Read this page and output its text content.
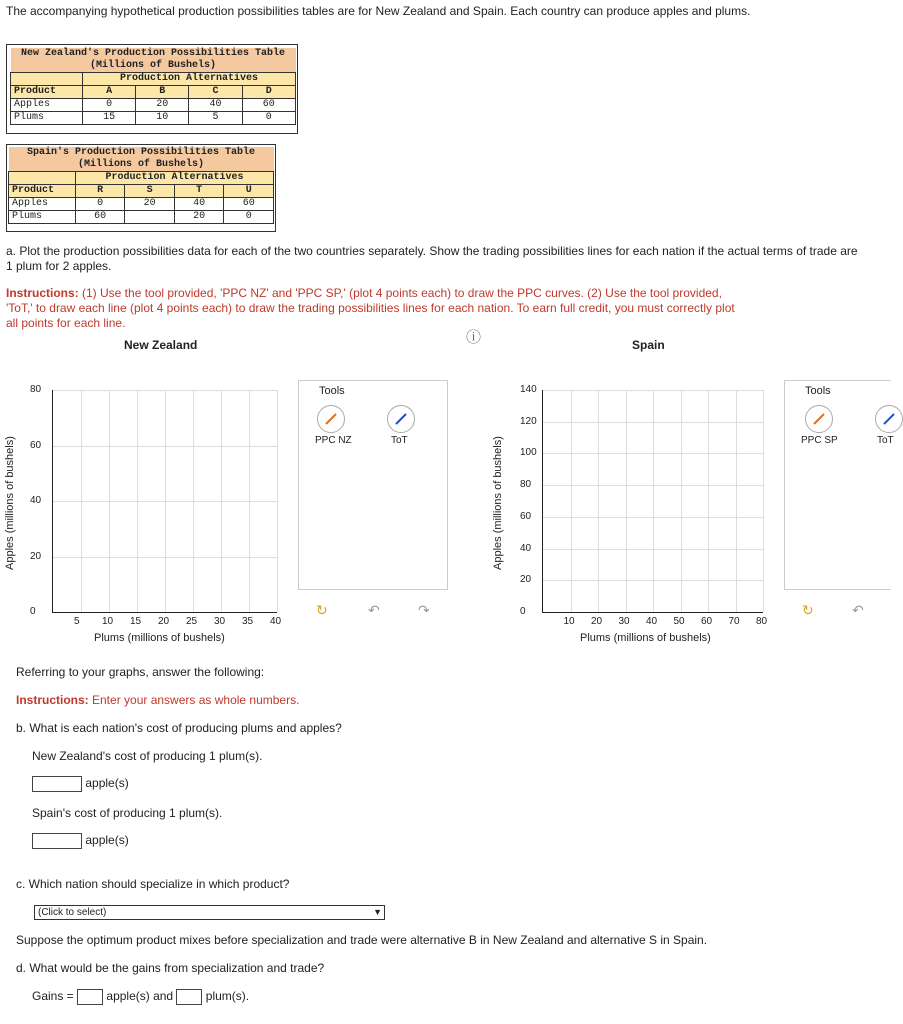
The accompanying hypothetical production possibilities tables are for New Zealand and Spain. Each country can produce apples and plums.
New Zealand's Production Possibilities Table
(Millions of Bushels)				

	Production Alternatives			
Product	A	B	C	D
Apples	0	20	40	60
Plums	15	10	5	0
Spain's Production Possibilities Table
(Millions of Bushels)				

	Production Alternatives			
Product	R	S	T	U
Apples	0	20	40	60
Plums	60		20	0
a. Plot the production possibilities data for each of the two countries separately. Show the trading possibilities lines for each nation if the actual terms of trade are 1 plum for 2 apples.
Instructions: (1) Use the tool provided, 'PPC NZ' and 'PPC SP,' (plot 4 points each) to draw the PPC curves. (2) Use the tool provided, 'ToT,' to draw each line (plot 4 points each) to draw the trading possibilities lines for each nation. To earn full credit, you must correctly plot all points for each line.
ⓘ
New Zealand
Apples (millions of bushels)
Plums (millions of bushels)
5 10 15 20 25 30 35 40
0
20
40
60
80	Tools
PPC NZ	ToT
↻	↶	↷
Spain
Apples (millions of bushels)
Plums (millions of bushels)
10 20 30 40 50 60 70 80
0
20
40
60
80
100
120
140	Tools
PPC SP	ToT
↻	↶
Referring to your graphs, answer the following:
Instructions: Enter your answers as whole numbers.
b. What is each nation's cost of producing plums and apples?
New Zealand's cost of producing 1 plum(s).
apple(s)
Spain's cost of producing 1 plum(s).
apple(s)
c. Which nation should specialize in which product?
(Click to select)	▼
Suppose the optimum product mixes before specialization and trade were alternative B in New Zealand and alternative S in Spain.
d. What would be the gains from specialization and trade?
Gains =	apple(s) and	plum(s).
